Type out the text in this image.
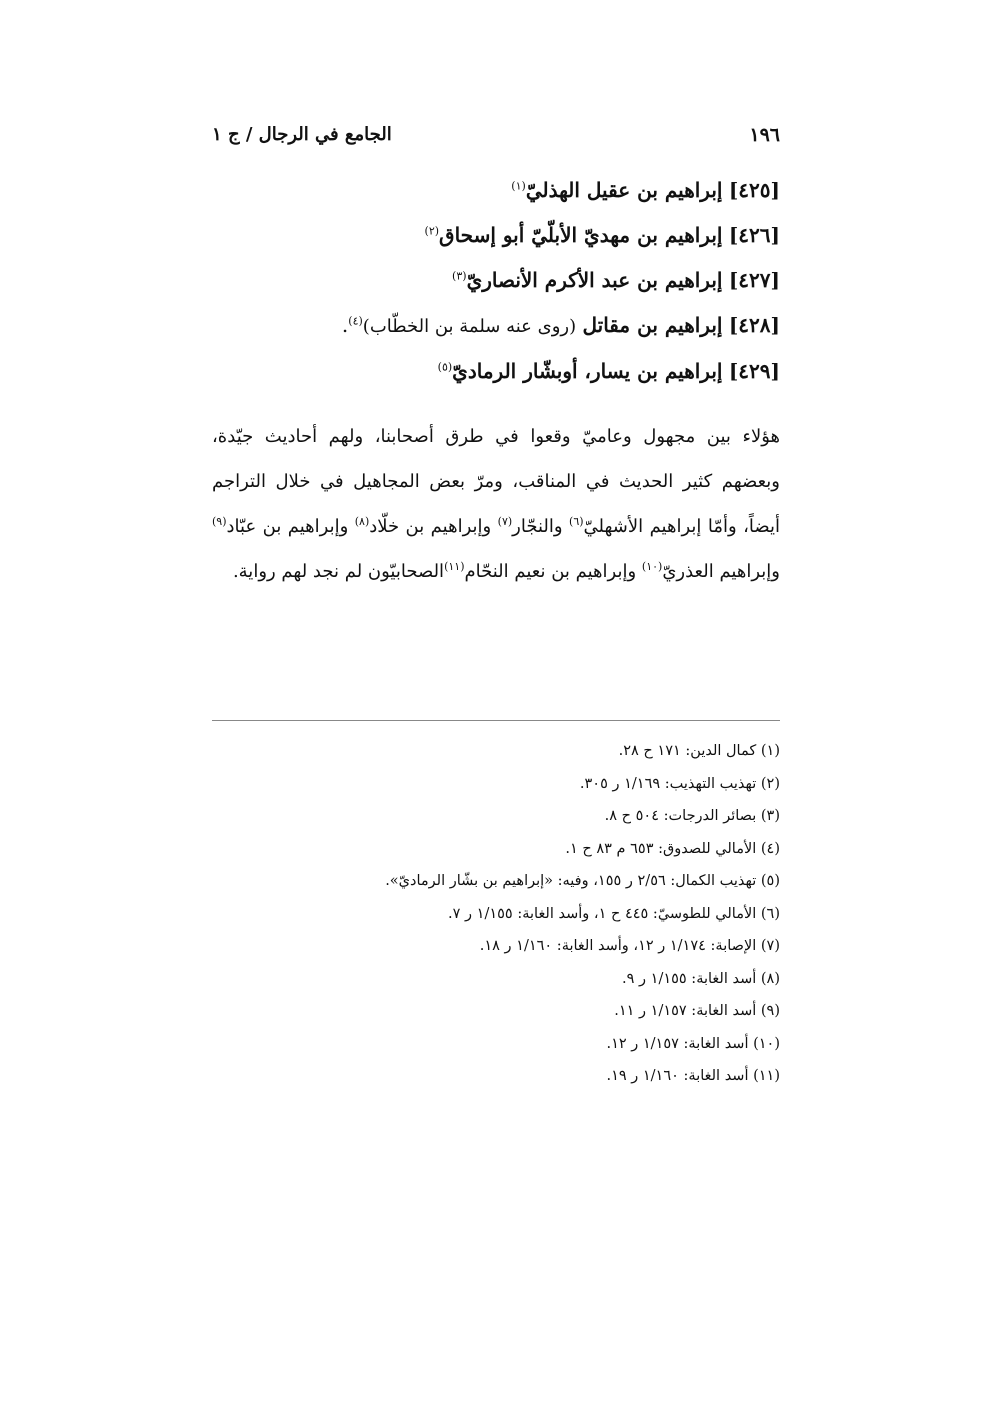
١٩٦
الجامع في الرجال / ج ١
[٤٢٥] إبراهيم بن عقيل الهذليّ$^{(١)}$
[٤٢٦] إبراهيم بن مهديّ الأبلّيّ أبو إسحاق$^{(٢)}$
[٤٢٧] إبراهيم بن عبد الأكرم الأنصاريّ$^{(٣)}$
[٤٢٨] إبراهيم بن مقاتل (روى عنه سلمة بن الخطّاب)$^{(٤)}$.
[٤٢٩] إبراهيم بن يسار، أوبشّار الرماديّ$^{(٥)}$

هؤلاء بين مجهول وعاميّ وقعوا في طرق أصحابنا، ولهم أحاديث جيّدة، وبعضهم كثير الحديث في المناقب، ومرّ بعض المجاهيل في خلال التراجم أيضاً، وأمّا إبراهيم الأشهليّ$^{(٦)}$ والنجّار$^{(٧)}$ وإبراهيم بن خلّاد$^{(٨)}$ وإبراهيم بن عبّاد$^{(٩)}$ وإبراهيم العذريّ$^{(١٠)}$ وإبراهيم بن نعيم النحّام$^{(١١)}$الصحابيّون لم نجد لهم رواية.

(١) كمال الدين: ١٧١ ح ٢٨.
(٢) تهذيب التهذيب: ١/١٦٩ ر ٣٠٥.
(٣) بصائر الدرجات: ٥٠٤ ح ٨.
(٤) الأمالي للصدوق: ٦٥٣ م ٨٣ ح ١.
(٥) تهذيب الكمال: ٢/٥٦ ر ١٥٥، وفيه: «إبراهيم بن بشّار الرماديّ».
(٦) الأمالي للطوسيّ: ٤٤٥ ح ١، وأسد الغابة: ١/١٥٥ ر ٧.
(٧) الإصابة: ١/١٧٤ ر ١٢، وأسد الغابة: ١/١٦٠ ر ١٨.
(٨) أسد الغابة: ١/١٥٥ ر ٩.
(٩) أسد الغابة: ١/١٥٧ ر ١١.
(١٠) أسد الغابة: ١/١٥٧ ر ١٢.
(١١) أسد الغابة: ١/١٦٠ ر ١٩.
